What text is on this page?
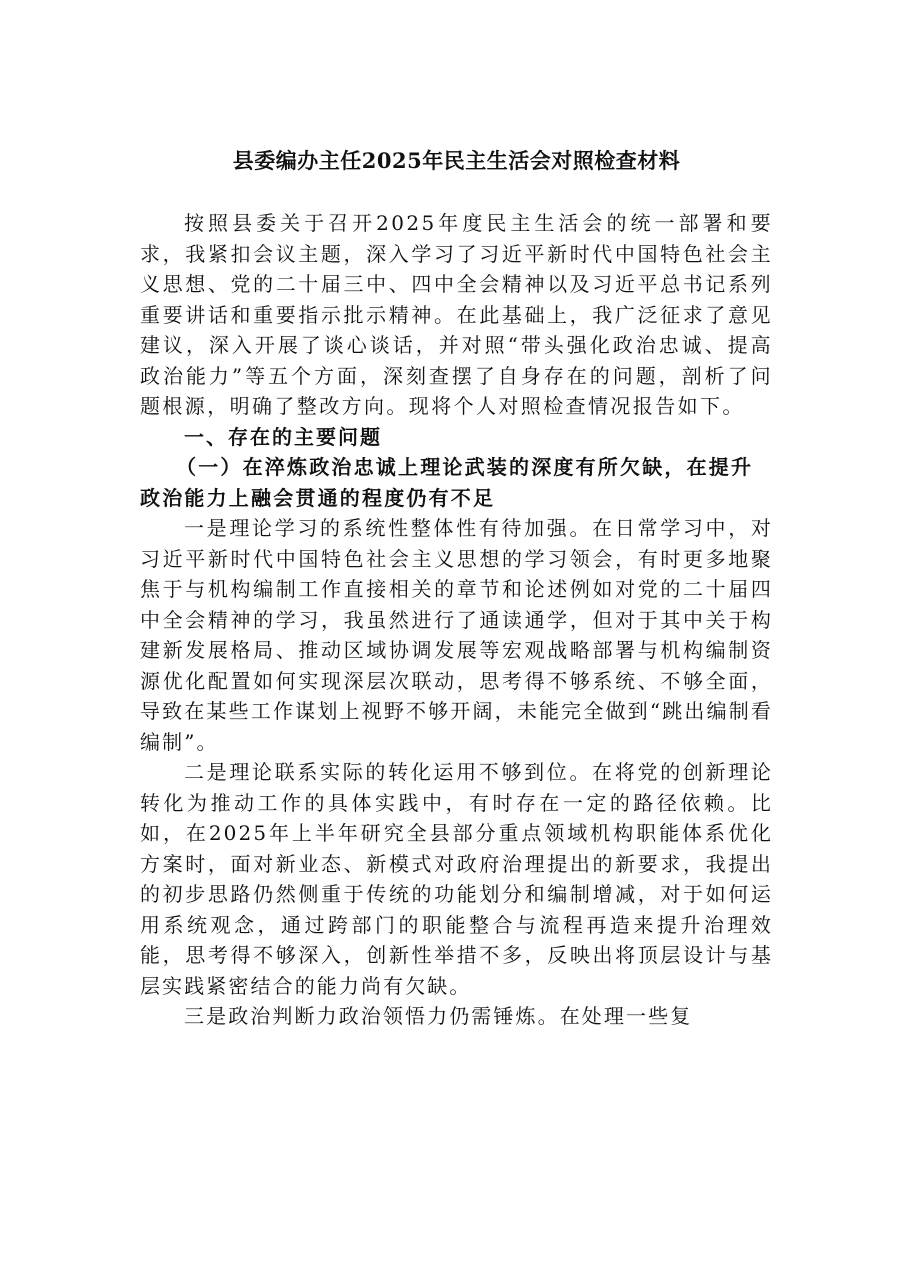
县委编办主任2025年民主生活会对照检查材料

按照县委关于召开2025年度民主生活会的统一部署和要求，我紧扣会议主题，深入学习了习近平新时代中国特色社会主义思想、党的二十届三中、四中全会精神以及习近平总书记系列重要讲话和重要指示批示精神。在此基础上，我广泛征求了意见建议，深入开展了谈心谈话，并对照“带头强化政治忠诚、提高政治能力”等五个方面，深刻查摆了自身存在的问题，剖析了问题根源，明确了整改方向。现将个人对照检查情况报告如下。

一、存在的主要问题

（一）在淬炼政治忠诚上理论武装的深度有所欠缺，在提升政治能力上融会贯通的程度仍有不足

一是理论学习的系统性整体性有待加强。在日常学习中，对习近平新时代中国特色社会主义思想的学习领会，有时更多地聚焦于与机构编制工作直接相关的章节和论述例如对党的二十届四中全会精神的学习，我虽然进行了通读通学，但对于其中关于构建新发展格局、推动区域协调发展等宏观战略部署与机构编制资源优化配置如何实现深层次联动，思考得不够系统、不够全面，导致在某些工作谋划上视野不够开阔，未能完全做到“跳出编制看编制”。

二是理论联系实际的转化运用不够到位。在将党的创新理论转化为推动工作的具体实践中，有时存在一定的路径依赖。比如，在2025年上半年研究全县部分重点领域机构职能体系优化方案时，面对新业态、新模式对政府治理提出的新要求，我提出的初步思路仍然侧重于传统的功能划分和编制增减，对于如何运用系统观念，通过跨部门的职能整合与流程再造来提升治理效能，思考得不够深入，创新性举措不多，反映出将顶层设计与基层实践紧密结合的能力尚有欠缺。

三是政治判断力政治领悟力仍需锤炼。在处理一些复
